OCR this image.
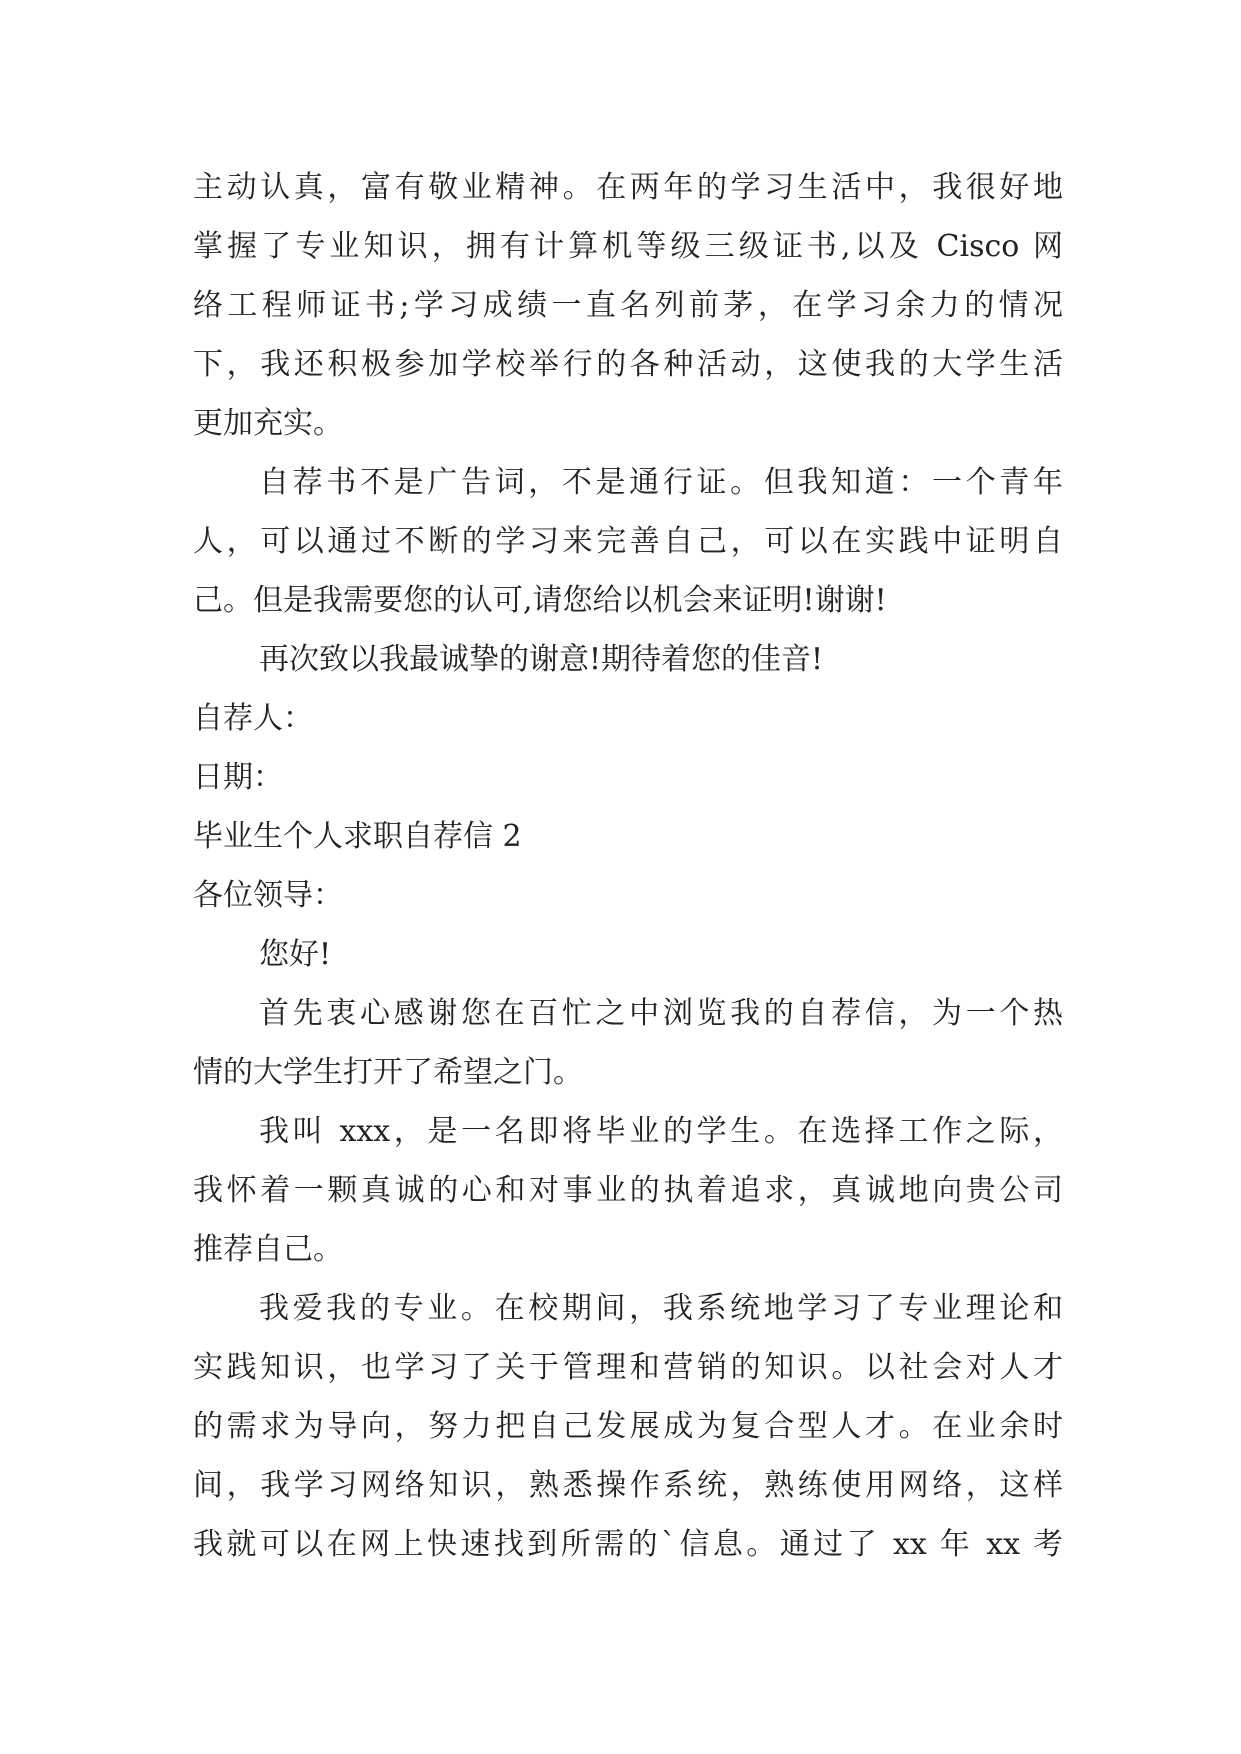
主动认真，富有敬业精神。在两年的学习生活中，我很好地
掌握了专业知识，拥有计算机等级三级证书,以及 Cisco 网
络工程师证书;学习成绩一直名列前茅，在学习余力的情况
下，我还积极参加学校举行的各种活动，这使我的大学生活
更加充实。
自荐书不是广告词，不是通行证。但我知道：一个青年
人，可以通过不断的学习来完善自己，可以在实践中证明自
己。但是我需要您的认可,请您给以机会来证明!谢谢!
再次致以我最诚挚的谢意!期待着您的佳音!
自荐人：
日期：
毕业生个人求职自荐信 2
各位领导：
您好!
首先衷心感谢您在百忙之中浏览我的自荐信，为一个热
情的大学生打开了希望之门。
我叫 xxx，是一名即将毕业的学生。在选择工作之际，
我怀着一颗真诚的心和对事业的执着追求，真诚地向贵公司
推荐自己。
我爱我的专业。在校期间，我系统地学习了专业理论和
实践知识，也学习了关于管理和营销的知识。以社会对人才
的需求为导向，努力把自己发展成为复合型人才。在业余时
间，我学习网络知识，熟悉操作系统，熟练使用网络，这样
我就可以在网上快速找到所需的`信息。通过了 xx 年 xx 考
